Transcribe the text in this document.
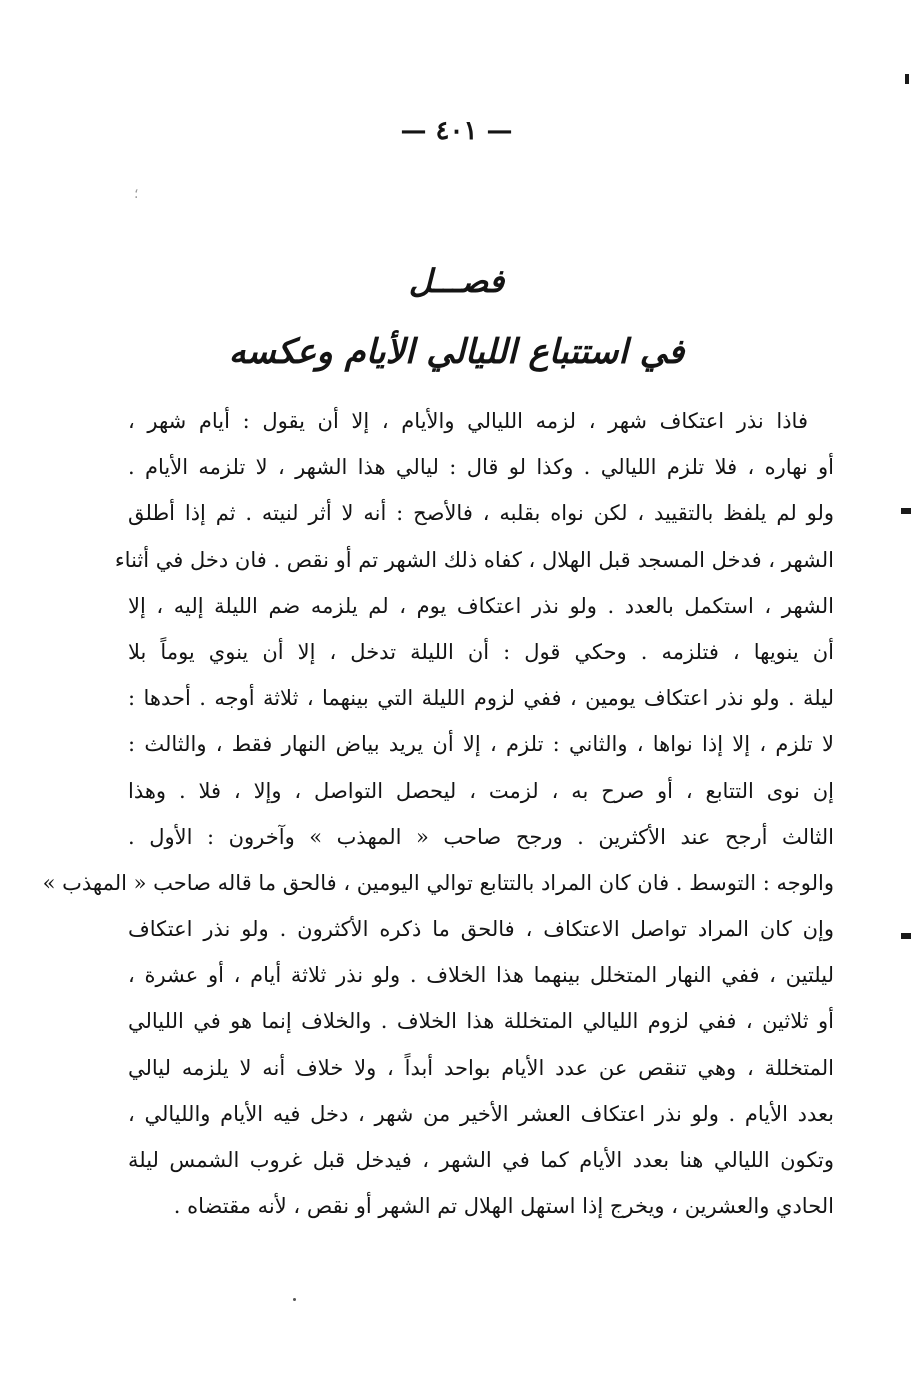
؛
— ٤٠١ —
فصـــل
في استتباع الليالي الأيام وعكسه
فاذا نذر اعتكاف شهر ، لزمه الليالي والأيام ، إلا أن يقول : أيام شهر ،
أو نهاره ، فلا تلزم الليالي . وكذا لو قال : ليالي هذا الشهر ، لا تلزمه الأيام .
ولو لم يلفظ بالتقييد ، لكن نواه بقلبه ، فالأصح : أنه لا أثر لنيته . ثم إذا أطلق
الشهر ، فدخل المسجد قبل الهلال ، كفاه ذلك الشهر تم أو نقص . فان دخل في أثناء
الشهر ، استكمل بالعدد . ولو نذر اعتكاف يوم ، لم يلزمه ضم الليلة إليه ، إلا
أن ينويها ، فتلزمه . وحكي قول : أن الليلة تدخل ، إلا أن ينوي يوماً بلا
ليلة . ولو نذر اعتكاف يومين ، ففي لزوم الليلة التي بينهما ، ثلاثة أوجه . أحدها :
لا تلزم ، إلا إذا نواها ، والثاني : تلزم ، إلا أن يريد بياض النهار فقط ، والثالث :
إن نوى التتابع ، أو صرح به ، لزمت ، ليحصل التواصل ، وإلا ، فلا . وهذا
الثالث أرجح عند الأكثرين . ورجح صاحب « المهذب » وآخرون : الأول .
والوجه : التوسط . فان كان المراد بالتتابع توالي اليومين ، فالحق ما قاله صاحب « المهذب »
وإن كان المراد تواصل الاعتكاف ، فالحق ما ذكره الأكثرون . ولو نذر اعتكاف
ليلتين ، ففي النهار المتخلل بينهما هذا الخلاف . ولو نذر ثلاثة أيام ، أو عشرة ،
أو ثلاثين ، ففي لزوم الليالي المتخللة هذا الخلاف . والخلاف إنما هو في الليالي
المتخللة ، وهي تنقص عن عدد الأيام بواحد أبداً ، ولا خلاف أنه لا يلزمه ليالي
بعدد الأيام . ولو نذر اعتكاف العشر الأخير من شهر ، دخل فيه الأيام والليالي ،
وتكون الليالي هنا بعدد الأيام كما في الشهر ، فيدخل قبل غروب الشمس ليلة
الحادي والعشرين ، ويخرج إذا استهل الهلال تم الشهر أو نقص ، لأنه مقتضاه .
